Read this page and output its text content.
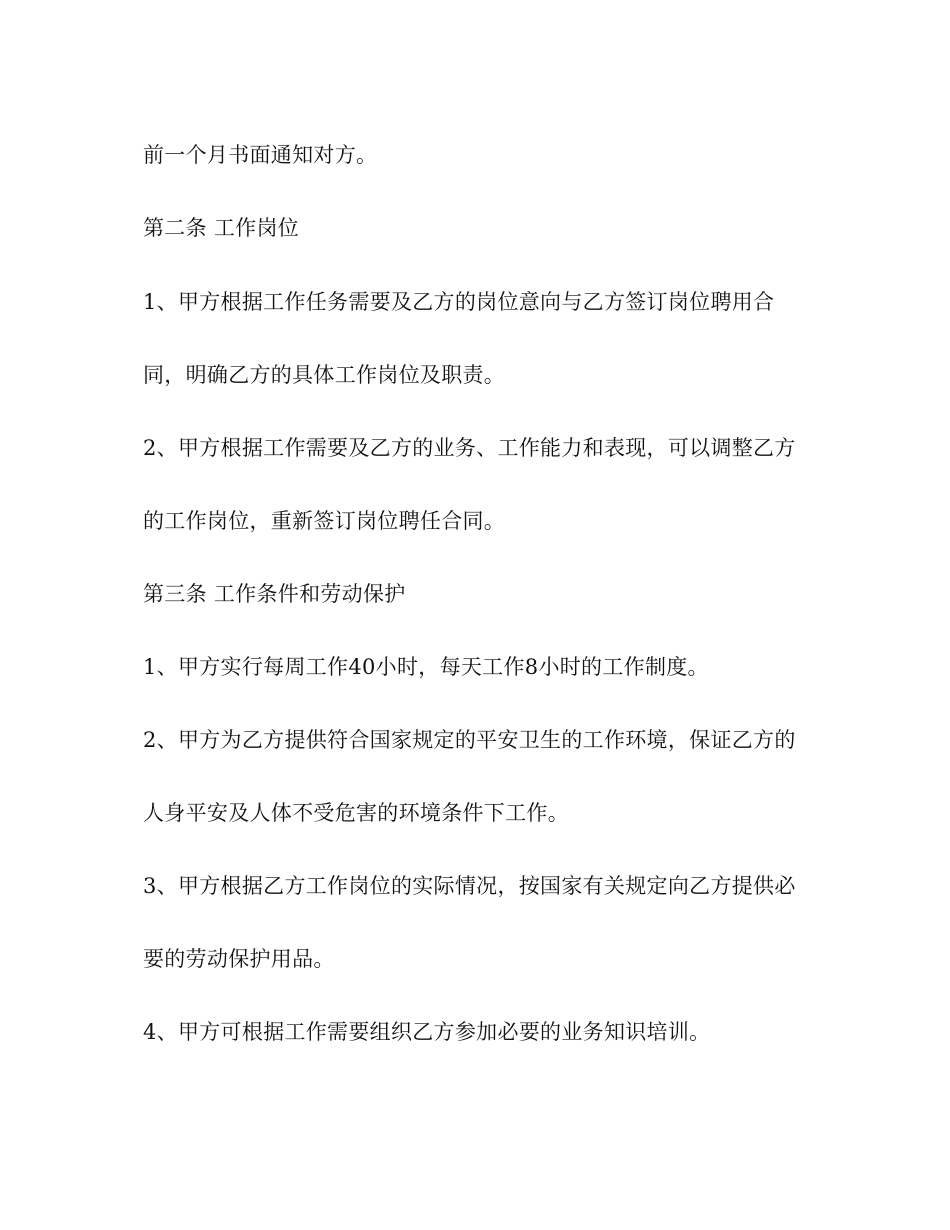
前一个月书面通知对方。
第二条 工作岗位
1、甲方根据工作任务需要及乙方的岗位意向与乙方签订岗位聘用合
同，明确乙方的具体工作岗位及职责。
2、甲方根据工作需要及乙方的业务、工作能力和表现，可以调整乙方
的工作岗位，重新签订岗位聘任合同。
第三条 工作条件和劳动保护
1、甲方实行每周工作40小时，每天工作8小时的工作制度。
2、甲方为乙方提供符合国家规定的平安卫生的工作环境，保证乙方的
人身平安及人体不受危害的环境条件下工作。
3、甲方根据乙方工作岗位的实际情况，按国家有关规定向乙方提供必
要的劳动保护用品。
4、甲方可根据工作需要组织乙方参加必要的业务知识培训。
